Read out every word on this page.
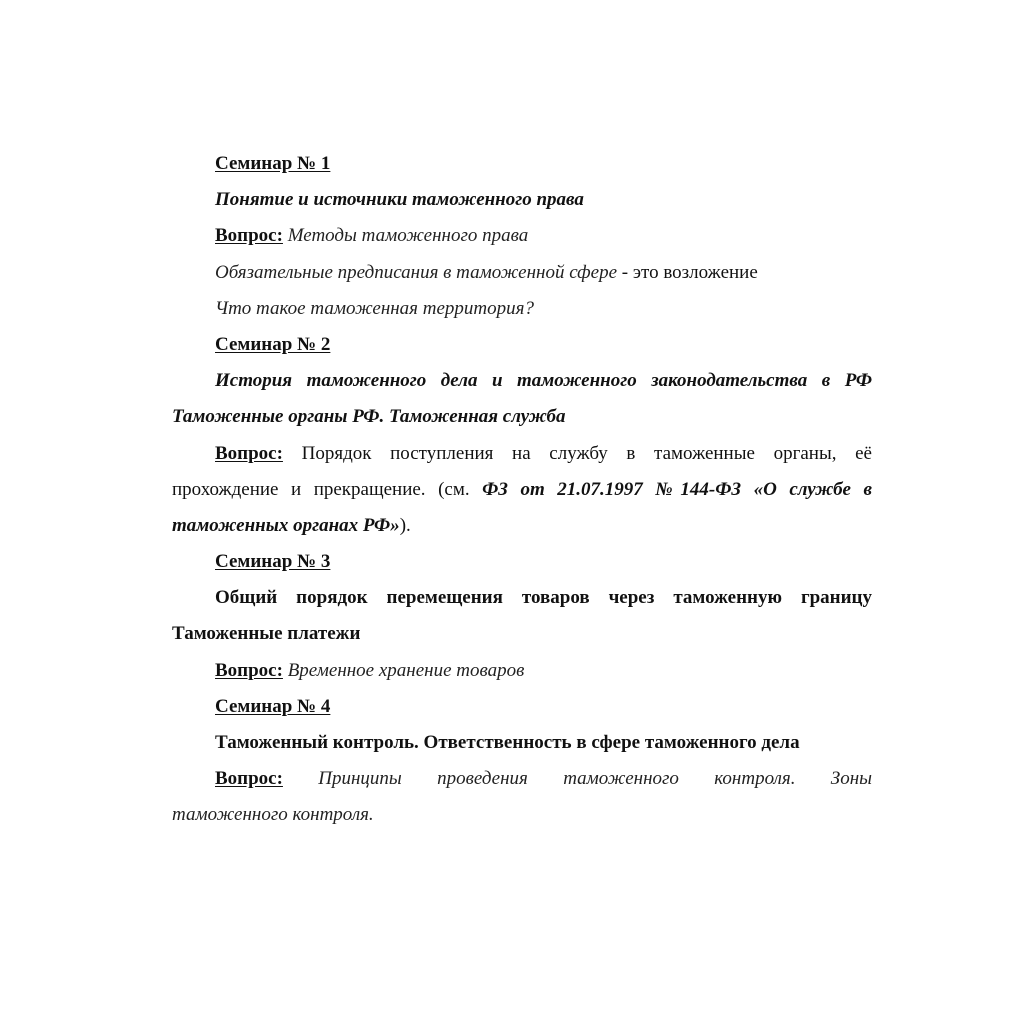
Семинар № 1
Понятие и источники таможенного права
Вопрос: Методы таможенного права
Обязательные предписания в таможенной сфере - это возложение
Что такое таможенная территория?
Семинар № 2
История таможенного дела и таможенного законодательства в РФ
Таможенные органы РФ. Таможенная служба
Вопрос: Порядок поступления на службу в таможенные органы, её
прохождение и прекращение. (см. ФЗ от 21.07.1997 №144-ФЗ «О службе в
таможенных органах РФ»).
Семинар № 3
Общий порядок перемещения товаров через таможенную границу
Таможенные платежи
Вопрос: Временное хранение товаров
Семинар № 4
Таможенный контроль. Ответственность в сфере таможенного дела
Вопрос: Принципы проведения таможенного контроля. Зоны
таможенного контроля.
